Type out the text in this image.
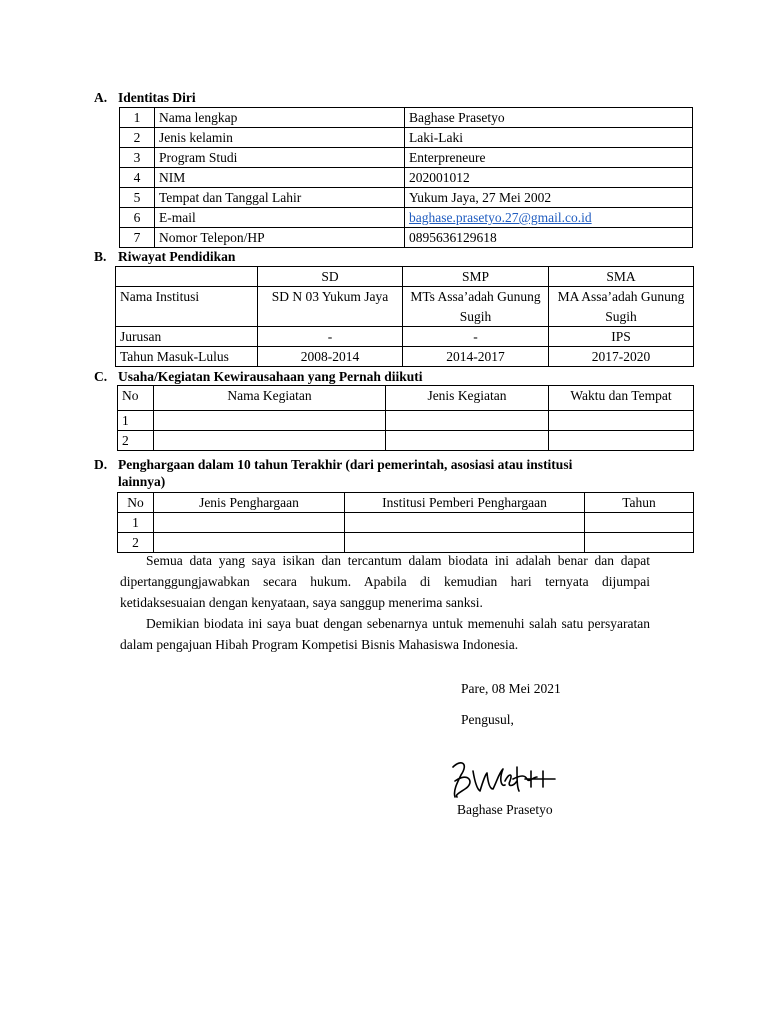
A. Identitas Diri
1	Nama lengkap	Baghase Prasetyo
2	Jenis kelamin	Laki-Laki
3	Program Studi	Enterpreneure
4	NIM	202001012
5	Tempat dan Tanggal Lahir	Yukum Jaya, 27 Mei 2002
6	E-mail	baghase.prasetyo.27@gmail.co.id
7	Nomor Telepon/HP	0895636129618
B. Riwayat Pendidikan
	SD	SMP	SMA
Nama Institusi	SD N 03 Yukum Jaya	MTs Assa’adah Gunung Sugih	MA Assa’adah Gunung Sugih
Jurusan	-	-	IPS
Tahun Masuk-Lulus	2008-2014	2014-2017	2017-2020
C. Usaha/Kegiatan Kewirausahaan yang Pernah diikuti
No	Nama Kegiatan	Jenis Kegiatan	Waktu dan Tempat
1			
2			
D. Penghargaan dalam 10 tahun Terakhir (dari pemerintah, asosiasi atau institusi
lainnya)
No	Jenis Penghargaan	Institusi Pemberi Penghargaan	Tahun
1			
2			
Semua data yang saya isikan dan tercantum dalam biodata ini adalah benar dan dapat dipertanggungjawabkan secara hukum. Apabila di kemudian hari ternyata dijumpai ketidaksesuaian dengan kenyataan, saya sanggup menerima sanksi.
Demikian biodata ini saya buat dengan sebenarnya untuk memenuhi salah satu persyaratan dalam pengajuan Hibah Program Kompetisi Bisnis Mahasiswa Indonesia.
Pare, 08 Mei 2021
Pengusul,
Baghase Prasetyo
